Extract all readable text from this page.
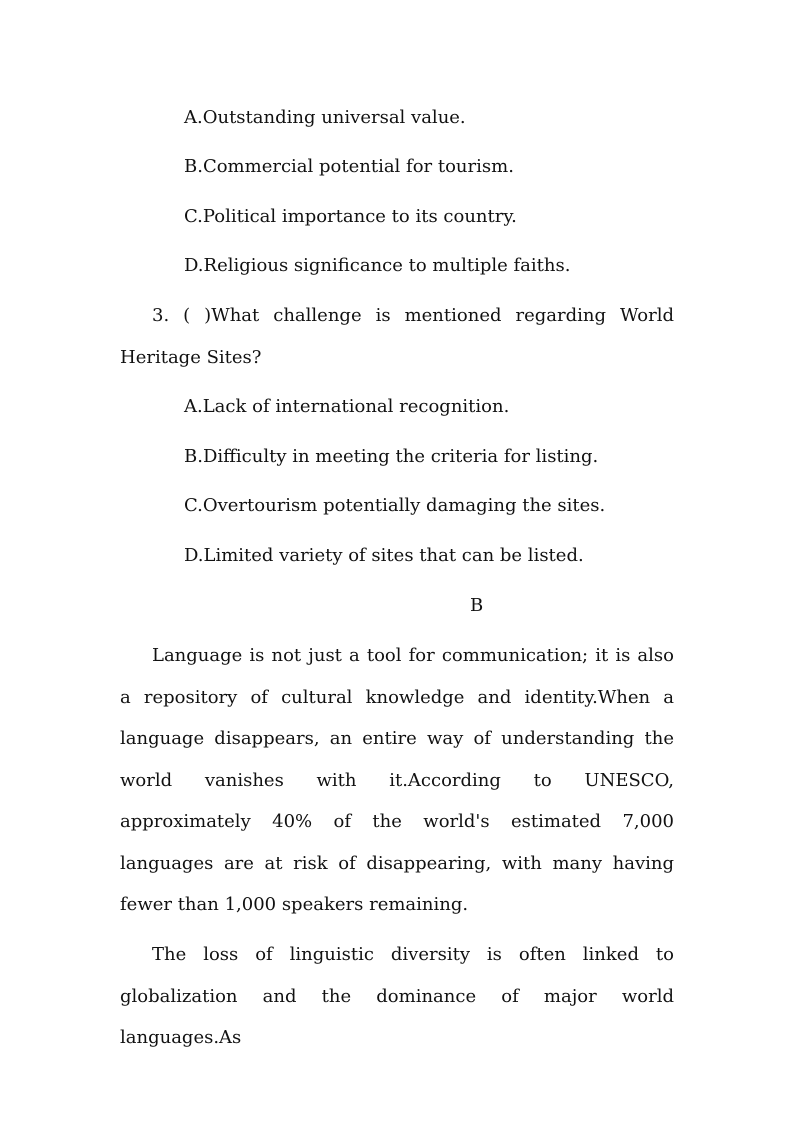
A.Outstanding universal value.
B.Commercial potential for tourism.
C.Political importance to its country.
D.Religious significance to multiple faiths.
3. ( )What challenge is mentioned regarding World
Heritage Sites?
A.Lack of international recognition.
B.Difficulty in meeting the criteria for listing.
C.Overtourism potentially damaging the sites.
D.Limited variety of sites that can be listed.
B
Language is not just a tool for communication; it is also a repository of cultural knowledge and identity.When a language disappears, an entire way of understanding the world vanishes with it.According to UNESCO, approximately 40% of the world's estimated 7,000 languages are at risk of disappearing, with many having fewer than 1,000 speakers remaining.
The loss of linguistic diversity is often linked to globalization and the dominance of major world languages.As
